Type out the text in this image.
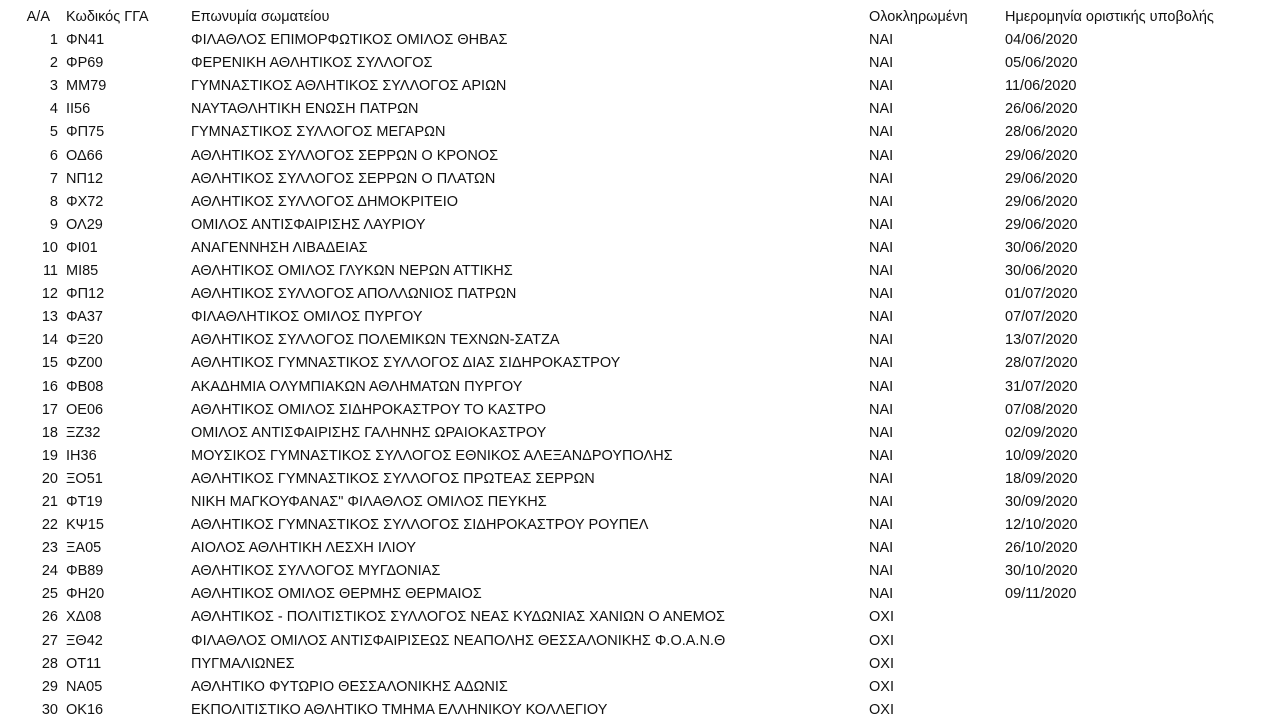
Α/Α Κωδικός ΓΓΑ	Επωνυμία σωματείου	Ολοκληρωμένη	Ημερομηνία οριστικής υποβολής
1 ΦΝ41	ΦΙΛΑΘΛΟΣ ΕΠΙΜΟΡΦΩΤΙΚΟΣ ΟΜΙΛΟΣ ΘΗΒΑΣ	ΝΑΙ	04/06/2020
2 ΦΡ69	ΦΕΡΕΝΙΚΗ ΑΘΛΗΤΙΚΟΣ ΣΥΛΛΟΓΟΣ	ΝΑΙ	05/06/2020
3 ΜΜ79	ΓΥΜΝΑΣΤΙΚΟΣ ΑΘΛΗΤΙΚΟΣ ΣΥΛΛΟΓΟΣ ΑΡΙΩΝ	ΝΑΙ	11/06/2020
4 ΙΙ56	ΝΑΥΤΑΘΛΗΤΙΚΗ ΕΝΩΣΗ ΠΑΤΡΩΝ	ΝΑΙ	26/06/2020
5 ΦΠ75	ΓΥΜΝΑΣΤΙΚΟΣ ΣΥΛΛΟΓΟΣ ΜΕΓΑΡΩΝ	ΝΑΙ	28/06/2020
6 ΟΔ66	ΑΘΛΗΤΙΚΟΣ ΣΥΛΛΟΓΟΣ ΣΕΡΡΩΝ Ο ΚΡΟΝΟΣ	ΝΑΙ	29/06/2020
7 ΝΠ12	ΑΘΛΗΤΙΚΟΣ ΣΥΛΛΟΓΟΣ ΣΕΡΡΩΝ Ο ΠΛΑΤΩΝ	ΝΑΙ	29/06/2020
8 ΦΧ72	ΑΘΛΗΤΙΚΟΣ ΣΥΛΛΟΓΟΣ ΔΗΜΟΚΡΙΤΕΙΟ	ΝΑΙ	29/06/2020
9 ΟΛ29	ΟΜΙΛΟΣ ΑΝΤΙΣΦΑΙΡΙΣΗΣ ΛΑΥΡΙΟΥ	ΝΑΙ	29/06/2020
10 ΦΙ01	ΑΝΑΓΕΝΝΗΣΗ ΛΙΒΑΔΕΙΑΣ	ΝΑΙ	30/06/2020
11 ΜΙ85	ΑΘΛΗΤΙΚΟΣ ΟΜΙΛΟΣ ΓΛΥΚΩΝ ΝΕΡΩΝ ΑΤΤΙΚΗΣ	ΝΑΙ	30/06/2020
12 ΦΠ12	ΑΘΛΗΤΙΚΟΣ ΣΥΛΛΟΓΟΣ ΑΠΟΛΛΩΝΙΟΣ ΠΑΤΡΩΝ	ΝΑΙ	01/07/2020
13 ΦΑ37	ΦΙΛΑΘΛΗΤΙΚΟΣ ΟΜΙΛΟΣ ΠΥΡΓΟΥ	ΝΑΙ	07/07/2020
14 ΦΞ20	ΑΘΛΗΤΙΚΟΣ ΣΥΛΛΟΓΟΣ ΠΟΛΕΜΙΚΩΝ ΤΕΧΝΩΝ-ΣΑΤΖΑ	ΝΑΙ	13/07/2020
15 ΦΖ00	ΑΘΛΗΤΙΚΟΣ ΓΥΜΝΑΣΤΙΚΟΣ ΣΥΛΛΟΓΟΣ ΔΙΑΣ ΣΙΔΗΡΟΚΑΣΤΡΟΥ	ΝΑΙ	28/07/2020
16 ΦΒ08	ΑΚΑΔΗΜΙΑ ΟΛΥΜΠΙΑΚΩΝ ΑΘΛΗΜΑΤΩΝ ΠΥΡΓΟΥ	ΝΑΙ	31/07/2020
17 ΟΕ06	ΑΘΛΗΤΙΚΟΣ ΟΜΙΛΟΣ ΣΙΔΗΡΟΚΑΣΤΡΟΥ ΤΟ ΚΑΣΤΡΟ	ΝΑΙ	07/08/2020
18 ΞΖ32	ΟΜΙΛΟΣ ΑΝΤΙΣΦΑΙΡΙΣΗΣ ΓΑΛΗΝΗΣ ΩΡΑΙΟΚΑΣΤΡΟΥ	ΝΑΙ	02/09/2020
19 ΙΗ36	ΜΟΥΣΙΚΟΣ ΓΥΜΝΑΣΤΙΚΟΣ ΣΥΛΛΟΓΟΣ ΕΘΝΙΚΟΣ ΑΛΕΞΑΝΔΡΟΥΠΟΛΗΣ	ΝΑΙ	10/09/2020
20 ΞΟ51	ΑΘΛΗΤΙΚΟΣ ΓΥΜΝΑΣΤΙΚΟΣ ΣΥΛΛΟΓΟΣ ΠΡΩΤΕΑΣ ΣΕΡΡΩΝ	ΝΑΙ	18/09/2020
21 ΦΤ19	ΝΙΚΗ ΜΑΓΚΟΥΦΑΝΑΣ" ΦΙΛΑΘΛΟΣ ΟΜΙΛΟΣ ΠΕΥΚΗΣ	ΝΑΙ	30/09/2020
22 ΚΨ15	ΑΘΛΗΤΙΚΟΣ ΓΥΜΝΑΣΤΙΚΟΣ ΣΥΛΛΟΓΟΣ ΣΙΔΗΡΟΚΑΣΤΡΟΥ ΡΟΥΠΕΛ	ΝΑΙ	12/10/2020
23 ΞΑ05	ΑΙΟΛΟΣ ΑΘΛΗΤΙΚΗ ΛΕΣΧΗ ΙΛΙΟΥ	ΝΑΙ	26/10/2020
24 ΦΒ89	ΑΘΛΗΤΙΚΟΣ ΣΥΛΛΟΓΟΣ ΜΥΓΔΟΝΙΑΣ	ΝΑΙ	30/10/2020
25 ΦΗ20	ΑΘΛΗΤΙΚΟΣ ΟΜΙΛΟΣ ΘΕΡΜΗΣ ΘΕΡΜΑΙΟΣ	ΝΑΙ	09/11/2020
26 ΧΔ08	ΑΘΛΗΤΙΚΟΣ - ΠΟΛΙΤΙΣΤΙΚΟΣ ΣΥΛΛΟΓΟΣ ΝΕΑΣ ΚΥΔΩΝΙΑΣ ΧΑΝΙΩΝ Ο ΑΝΕΜΟΣ	ΟΧΙ
27 ΞΘ42	ΦΙΛΑΘΛΟΣ ΟΜΙΛΟΣ ΑΝΤΙΣΦΑΙΡΙΣΕΩΣ ΝΕΑΠΟΛΗΣ ΘΕΣΣΑΛΟΝΙΚΗΣ Φ.Ο.Α.Ν.Θ	ΟΧΙ
28 ΟΤ11	ΠΥΓΜΑΛΙΩΝΕΣ	ΟΧΙ
29 ΝΑ05	ΑΘΛΗΤΙΚΟ ΦΥΤΩΡΙΟ ΘΕΣΣΑΛΟΝΙΚΗΣ ΑΔΩΝΙΣ	ΟΧΙ
30 ΟΚ16	ΕΚΠΟΛΙΤΙΣΤΙΚΟ ΑΘΛΗΤΙΚΟ ΤΜΗΜΑ ΕΛΛΗΝΙΚΟΥ ΚΟΛΛΕΓΙΟΥ	ΟΧΙ
